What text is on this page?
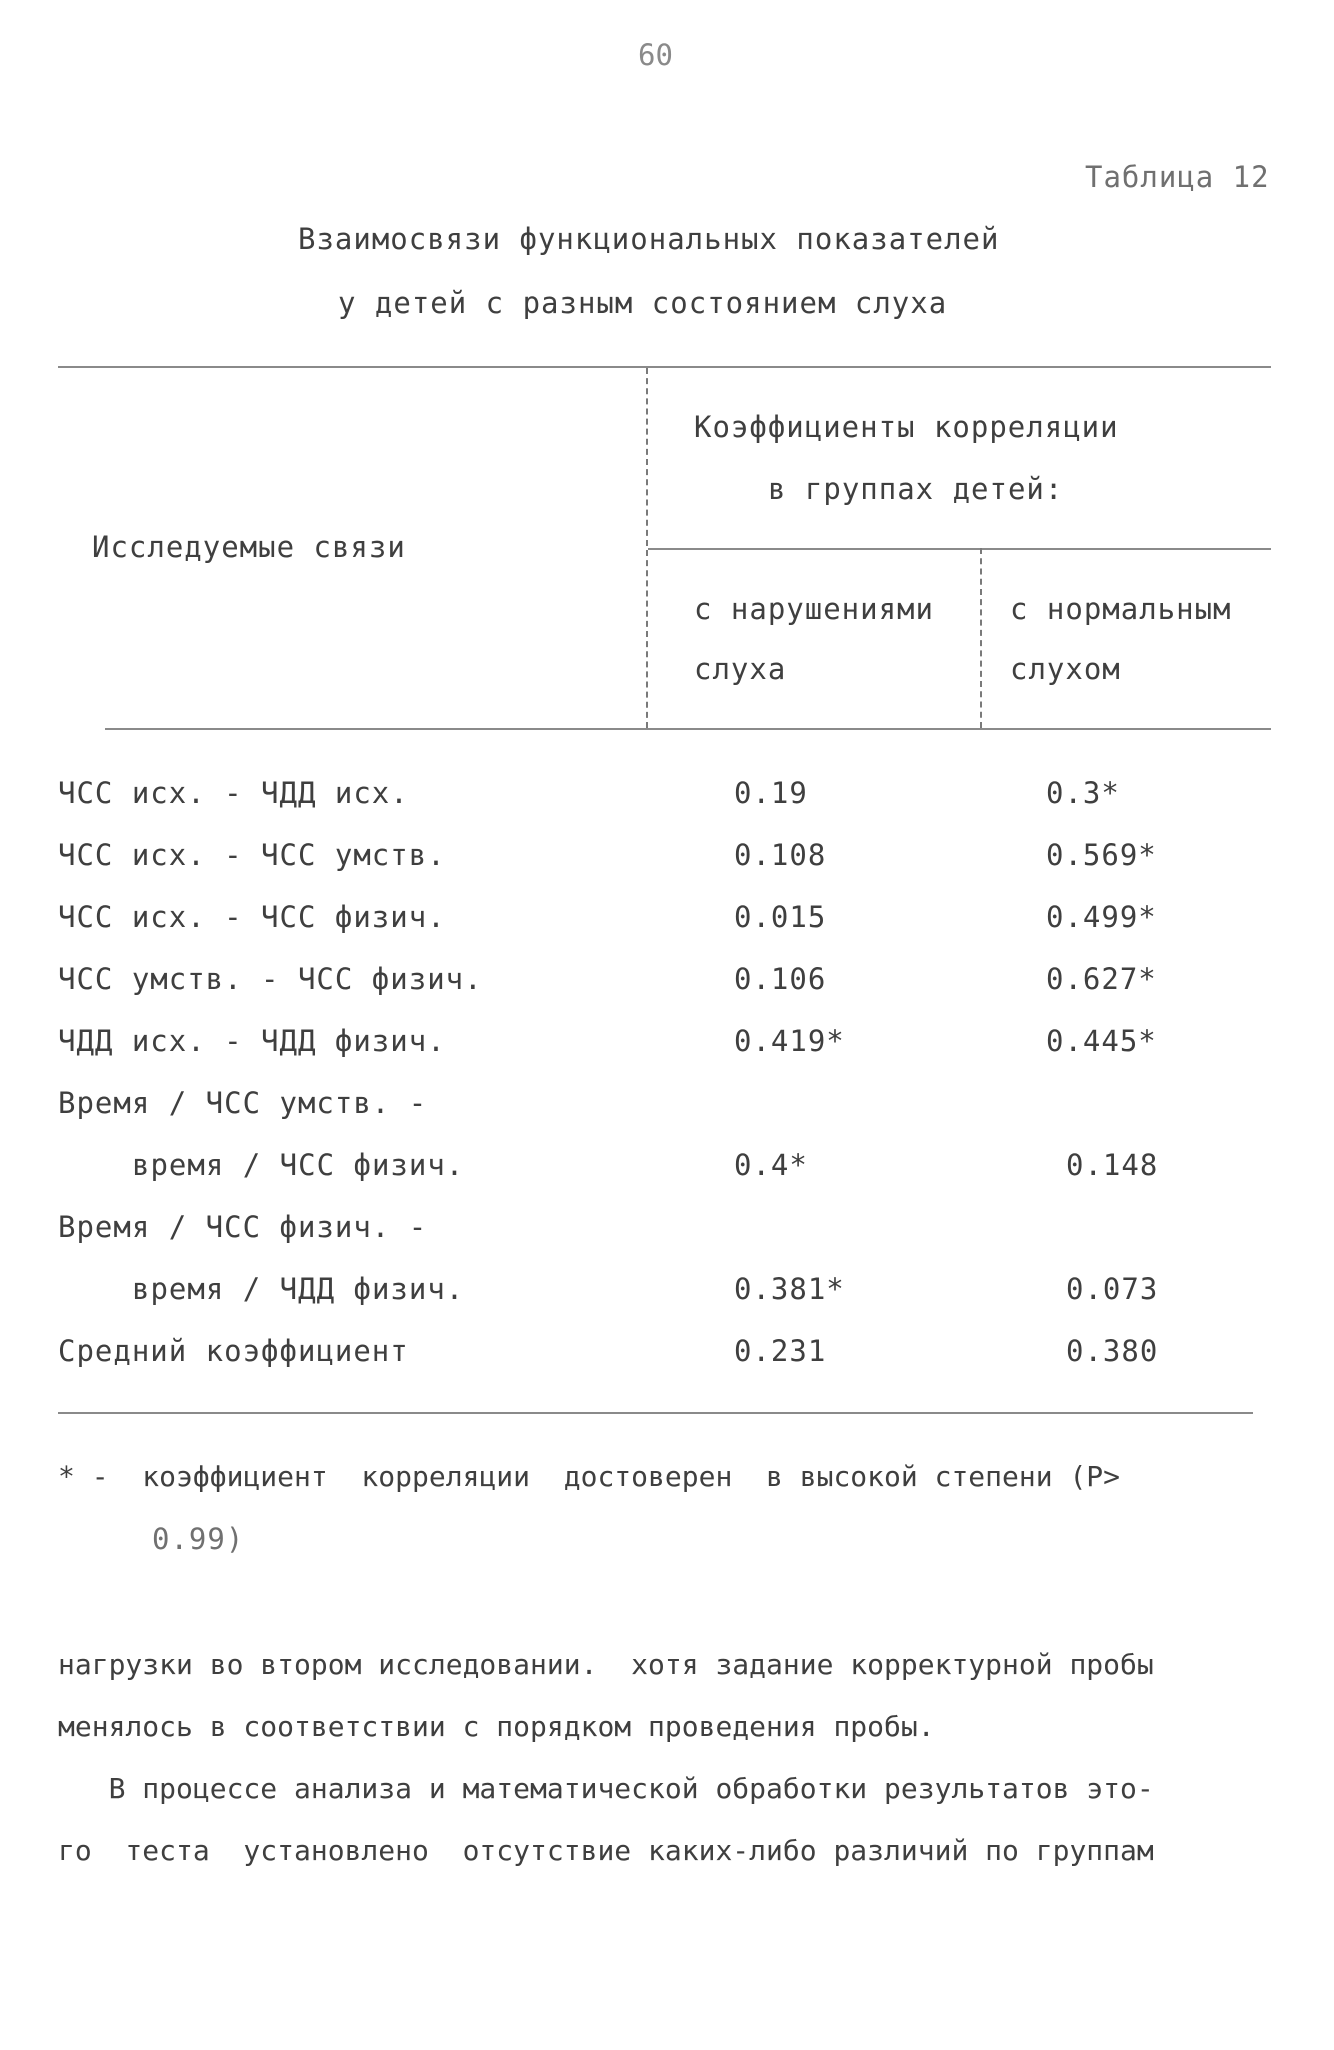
60
Таблица 12
Взаимосвязи функциональных показателей
у детей с разным состоянием слуха
Исследуемые связи
Коэффициенты корреляции
в группах детей:
с нарушениями
слуха
с нормальным
слухом
ЧСС исх. - ЧДД исх.	0.19	0.3*
ЧСС исх. - ЧСС умств.	0.108	0.569*
ЧСС исх. - ЧСС физич.	0.015	0.499*
ЧСС умств. - ЧСС физич.	0.106	0.627*
ЧДД исх. - ЧДД физич.	0.419*	0.445*
Время / ЧСС умств. -
время / ЧСС физич.	0.4*	0.148
Время / ЧСС физич. -
время / ЧДД физич.	0.381*	0.073
Средний коэффициент	0.231	0.380
* -  коэффициент  корреляции  достоверен  в высокой степени (Р>
0.99)
нагрузки во втором исследовании.  хотя задание корректурной пробы
менялось в соответствии с порядком проведения пробы.
В процессе анализа и математической обработки результатов это-
го  теста  установлено  отсутствие каких-либо различий по группам
